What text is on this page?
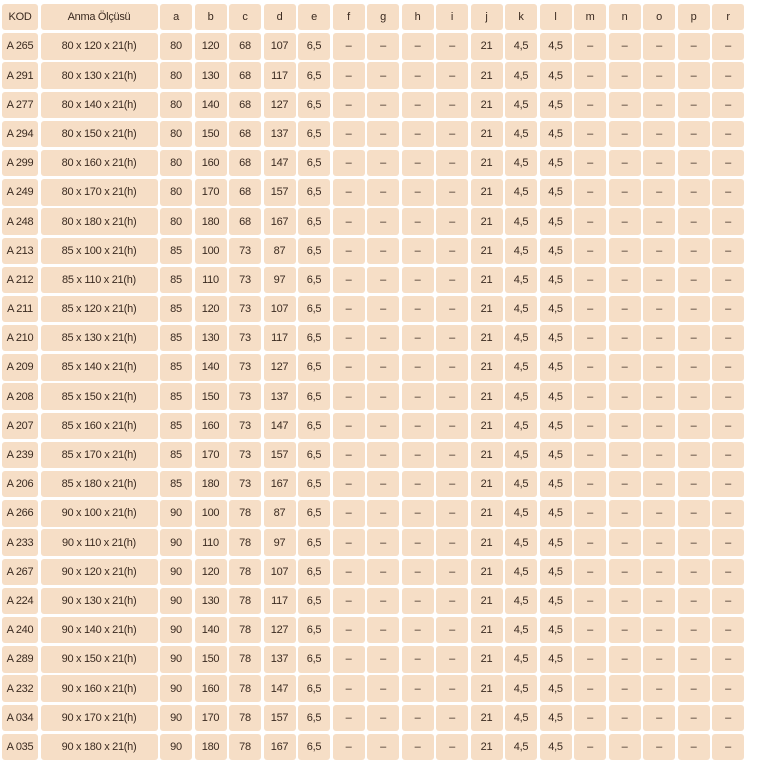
KOD	Anma Ölçüsü	a	b	c	d	e	f	g	h	i	j	k	l	m	n	o	p	r
A 265	80 x 120 x 21(h)	80	120	68	107	6,5	–	–	–	–	21	4,5	4,5	–	–	–	–	–
A 291	80 x 130 x 21(h)	80	130	68	117	6,5	–	–	–	–	21	4,5	4,5	–	–	–	–	–
A 277	80 x 140 x 21(h)	80	140	68	127	6,5	–	–	–	–	21	4,5	4,5	–	–	–	–	–
A 294	80 x 150 x 21(h)	80	150	68	137	6,5	–	–	–	–	21	4,5	4,5	–	–	–	–	–
A 299	80 x 160 x 21(h)	80	160	68	147	6,5	–	–	–	–	21	4,5	4,5	–	–	–	–	–
A 249	80 x 170 x 21(h)	80	170	68	157	6,5	–	–	–	–	21	4,5	4,5	–	–	–	–	–
A 248	80 x 180 x 21(h)	80	180	68	167	6,5	–	–	–	–	21	4,5	4,5	–	–	–	–	–
A 213	85 x 100 x 21(h)	85	100	73	87	6,5	–	–	–	–	21	4,5	4,5	–	–	–	–	–
A 212	85 x 110 x 21(h)	85	110	73	97	6,5	–	–	–	–	21	4,5	4,5	–	–	–	–	–
A 211	85 x 120 x 21(h)	85	120	73	107	6,5	–	–	–	–	21	4,5	4,5	–	–	–	–	–
A 210	85 x 130 x 21(h)	85	130	73	117	6,5	–	–	–	–	21	4,5	4,5	–	–	–	–	–
A 209	85 x 140 x 21(h)	85	140	73	127	6,5	–	–	–	–	21	4,5	4,5	–	–	–	–	–
A 208	85 x 150 x 21(h)	85	150	73	137	6,5	–	–	–	–	21	4,5	4,5	–	–	–	–	–
A 207	85 x 160 x 21(h)	85	160	73	147	6,5	–	–	–	–	21	4,5	4,5	–	–	–	–	–
A 239	85 x 170 x 21(h)	85	170	73	157	6,5	–	–	–	–	21	4,5	4,5	–	–	–	–	–
A 206	85 x 180 x 21(h)	85	180	73	167	6,5	–	–	–	–	21	4,5	4,5	–	–	–	–	–
A 266	90 x 100 x 21(h)	90	100	78	87	6,5	–	–	–	–	21	4,5	4,5	–	–	–	–	–
A 233	90 x 110 x 21(h)	90	110	78	97	6,5	–	–	–	–	21	4,5	4,5	–	–	–	–	–
A 267	90 x 120 x 21(h)	90	120	78	107	6,5	–	–	–	–	21	4,5	4,5	–	–	–	–	–
A 224	90 x 130 x 21(h)	90	130	78	117	6,5	–	–	–	–	21	4,5	4,5	–	–	–	–	–
A 240	90 x 140 x 21(h)	90	140	78	127	6,5	–	–	–	–	21	4,5	4,5	–	–	–	–	–
A 289	90 x 150 x 21(h)	90	150	78	137	6,5	–	–	–	–	21	4,5	4,5	–	–	–	–	–
A 232	90 x 160 x 21(h)	90	160	78	147	6,5	–	–	–	–	21	4,5	4,5	–	–	–	–	–
A 034	90 x 170 x 21(h)	90	170	78	157	6,5	–	–	–	–	21	4,5	4,5	–	–	–	–	–
A 035	90 x 180 x 21(h)	90	180	78	167	6,5	–	–	–	–	21	4,5	4,5	–	–	–	–	–
